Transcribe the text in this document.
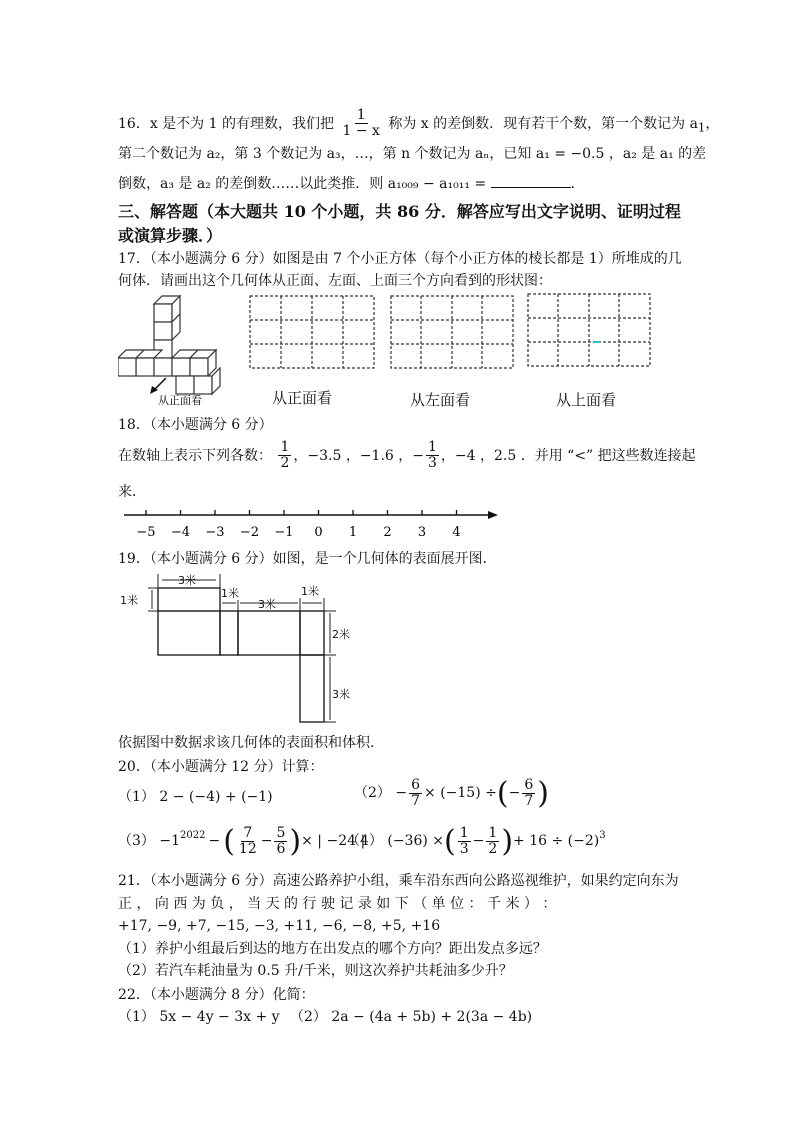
16．x 是不为 1 的有理数，我们把 $\frac{1}{1 - x}$ 称为 x 的差倒数．现有若干个数，第一个数记为 $a_1$，
第二个数记为 a₂，第 3 个数记为 a₃，…，第 n 个数记为 aₙ，已知 a₁ = −0.5 ，a₂ 是 a₁ 的差
倒数，a₃ 是 a₂ 的差倒数……以此类推．则 a₁₀₀₉ − a₁₀₁₁ =	.
三、解答题（本大题共 10 个小题，共 86 分．解答应写出文字说明、证明过程
或演算步骤．）
17．（本小题满分 6 分）如图是由 7 个小正方体（每个小正方体的棱长都是 1）所堆成的几
何体．请画出这个几何体从正面、左面、上面三个方向看到的形状图：
从正面看	从正面看	从左面看	从上面看
18．（本小题满分 6 分）
在数轴上表示下列各数： $\frac{1}{2}$ ，−3.5 ，−1.6 ，− $\frac{1}{3}$ ，−4 ，2.5 ．并用 “<” 把这些数连接起
来．
−5 −4 −3 −2 −1 0 1 2 3 4
19．（本小题满分 6 分）如图，是一个几何体的表面展开图．
3米
1米
3米
1米
1米
2米
3米
依据图中数据求该几何体的表面积和体积．
20．（本小题满分 12 分）计算：
（1） 2 − (−4) + (−1)	$(2) - \frac{6}{7} \times (-15)$ ÷ ( − $\frac{6}{7}$ )
$(3) -1^{2022}$ − ( $\frac{7}{12} - \frac{5}{6}$ ) × | −24 |
（4） (−36) × ( $\frac{1}{3} - \frac{1}{2}$ ) + $16 \div (-2)^3$
21．（本小题满分 6 分）高速公路养护小组，乘车沿东西向公路巡视维护，如果约定向东为
正 ， 向 西 为 负 ， 当 天 的 行 驶 记 录 如 下 （ 单 位 ： 千 米 ） ：
+17, −9, +7, −15, −3, +11, −6, −8, +5, +16
（1）养护小组最后到达的地方在出发点的哪个方向？距出发点多远？
（2）若汽车耗油量为 0.5 升/千米，则这次养护共耗油多少升？
22．（本小题满分 8 分）化简：
（1） 5x − 4y − 3x + y （2） 2a − (4a + 5b) + 2(3a − 4b)
